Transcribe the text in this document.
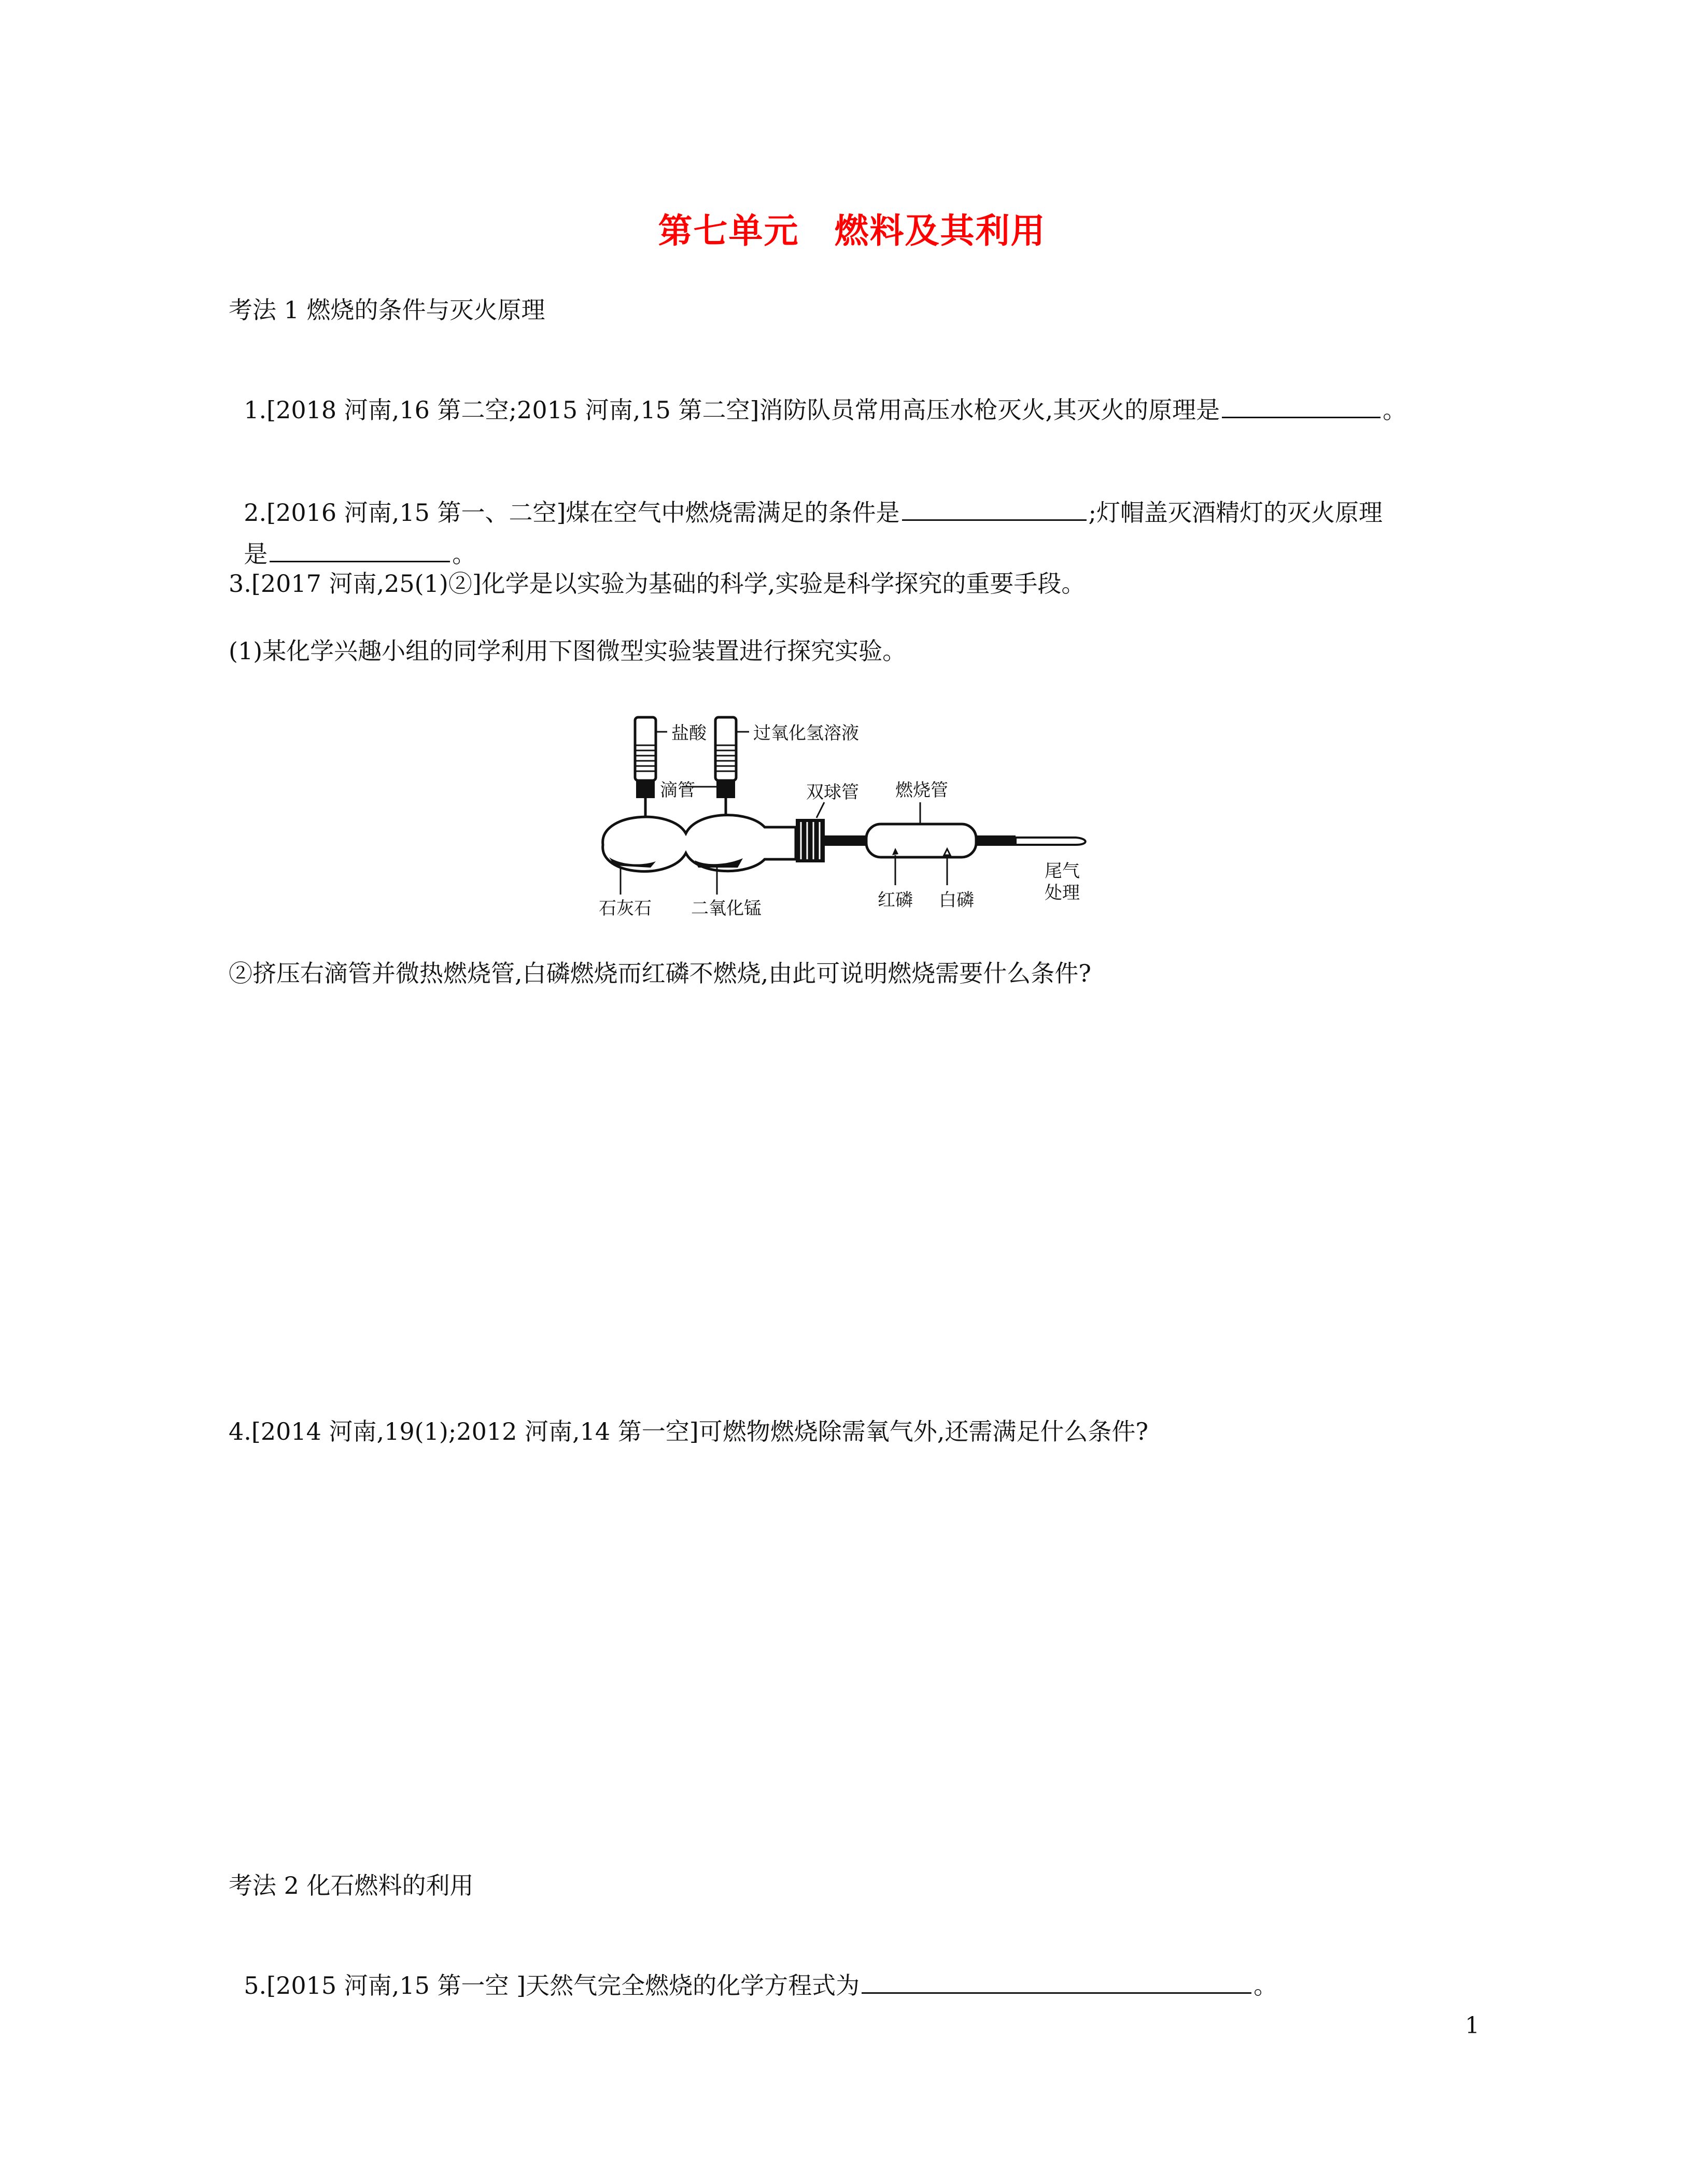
第七单元　燃料及其利用
考法 1 燃烧的条件与灭火原理

1.[2018 河南,16 第二空;2015 河南,15 第二空]消防队员常用高压水枪灭火,其灭火的原理是	。

2.[2016 河南,15 第一、二空]煤在空气中燃烧需满足的条件是	;灯帽盖灭酒精灯的灭火原理

是	。

3.[2017 河南,25(1)②]化学是以实验为基础的科学,实验是科学探究的重要手段。
(1)某化学兴趣小组的同学利用下图微型实验装置进行探究实验。
盐酸	过氧化氢溶液
滴管	双球管 燃烧管
石灰石 二氧化锰	红磷 白磷
尾气
处理
②挤压右滴管并微热燃烧管,白磷燃烧而红磷不燃烧,由此可说明燃烧需要什么条件?
4.[2014 河南,19(1);2012 河南,14 第一空]可燃物燃烧除需氧气外,还需满足什么条件?
考法 2 化石燃料的利用

5.[2015 河南,15 第一空 ]天然气完全燃烧的化学方程式为	。

1
